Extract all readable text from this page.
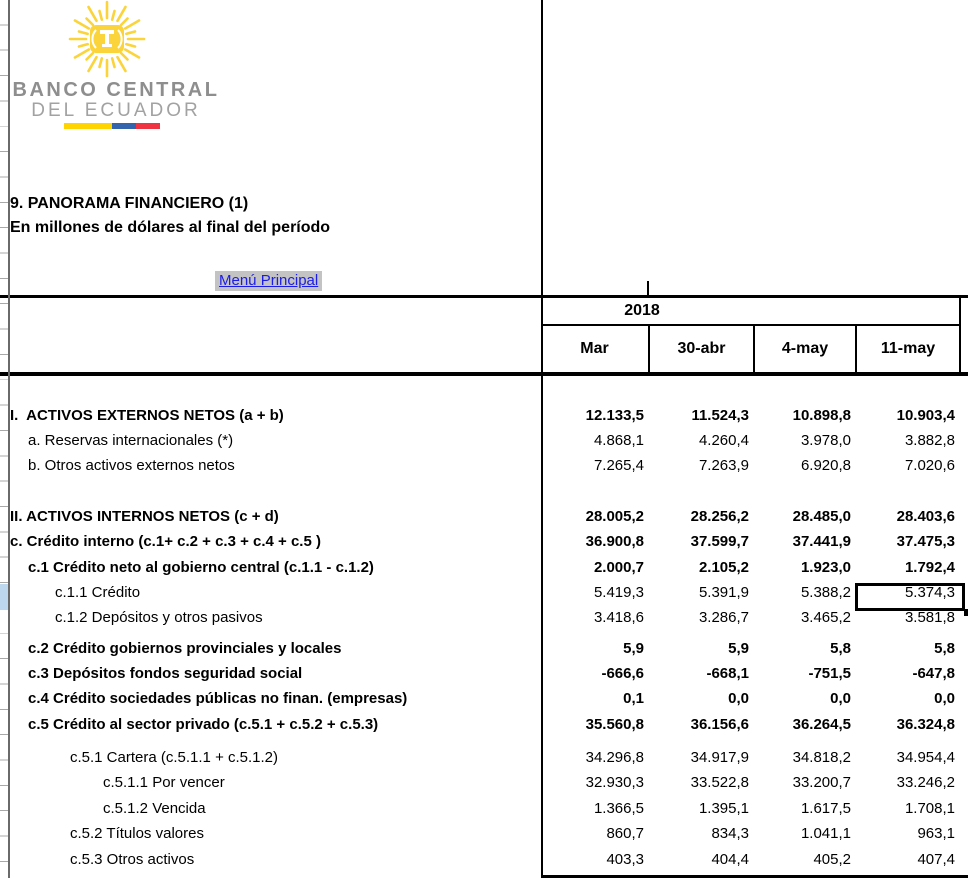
BANCO CENTRAL
DEL ECUADOR
9. PANORAMA FINANCIERO (1)
En millones de dólares al final del período
Menú Principal
2018
Mar	30-abr	4-may	11-may
I.  ACTIVOS EXTERNOS NETOS (a + b)	12.133,5	11.524,3	10.898,8	10.903,4
a. Reservas internacionales (*)	4.868,1	4.260,4	3.978,0	3.882,8
b. Otros activos externos netos	7.265,4	7.263,9	6.920,8	7.020,6
II. ACTIVOS INTERNOS NETOS (c + d)	28.005,2	28.256,2	28.485,0	28.403,6
c. Crédito interno (c.1+ c.2 + c.3 + c.4 + c.5 )	36.900,8	37.599,7	37.441,9	37.475,3
c.1 Crédito neto al gobierno central (c.1.1 - c.1.2)	2.000,7	2.105,2	1.923,0	1.792,4
c.1.1 Crédito	5.419,3	5.391,9	5.388,2	5.374,3
c.1.2 Depósitos y otros pasivos	3.418,6	3.286,7	3.465,2	3.581,8
c.2 Crédito gobiernos provinciales y locales	5,9	5,9	5,8	5,8
c.3 Depósitos fondos seguridad social	-666,6	-668,1	-751,5	-647,8
c.4 Crédito sociedades públicas no finan. (empresas)	0,1	0,0	0,0	0,0
c.5 Crédito al sector privado (c.5.1 + c.5.2 + c.5.3)	35.560,8	36.156,6	36.264,5	36.324,8
c.5.1 Cartera (c.5.1.1 + c.5.1.2)	34.296,8	34.917,9	34.818,2	34.954,4
c.5.1.1 Por vencer	32.930,3	33.522,8	33.200,7	33.246,2
c.5.1.2 Vencida	1.366,5	1.395,1	1.617,5	1.708,1
c.5.2 Títulos valores	860,7	834,3	1.041,1	963,1
c.5.3 Otros activos	403,3	404,4	405,2	407,4
